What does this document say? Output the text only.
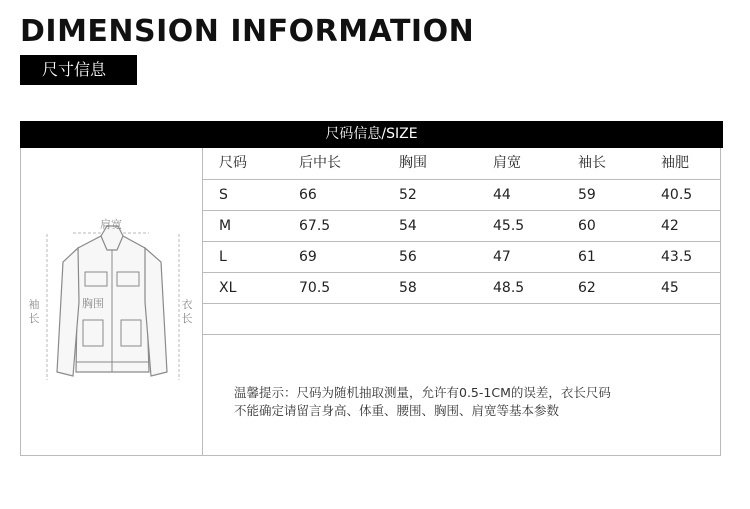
DIMENSION INFORMATION
尺寸信息
尺码信息/SIZE
肩宽
胸围
袖
长
衣
长
尺码	后中长	胸围	肩宽	袖长	袖肥
S	66	52	44	59	40.5
M	67.5	54	45.5	60	42
L	69	56	47	61	43.5
XL	70.5	58	48.5	62	45
温馨提示：尺码为随机抽取测量，允许有0.5-1CM的误差，衣长尺码
不能确定请留言身高、体重、腰围、胸围、肩宽等基本参数
